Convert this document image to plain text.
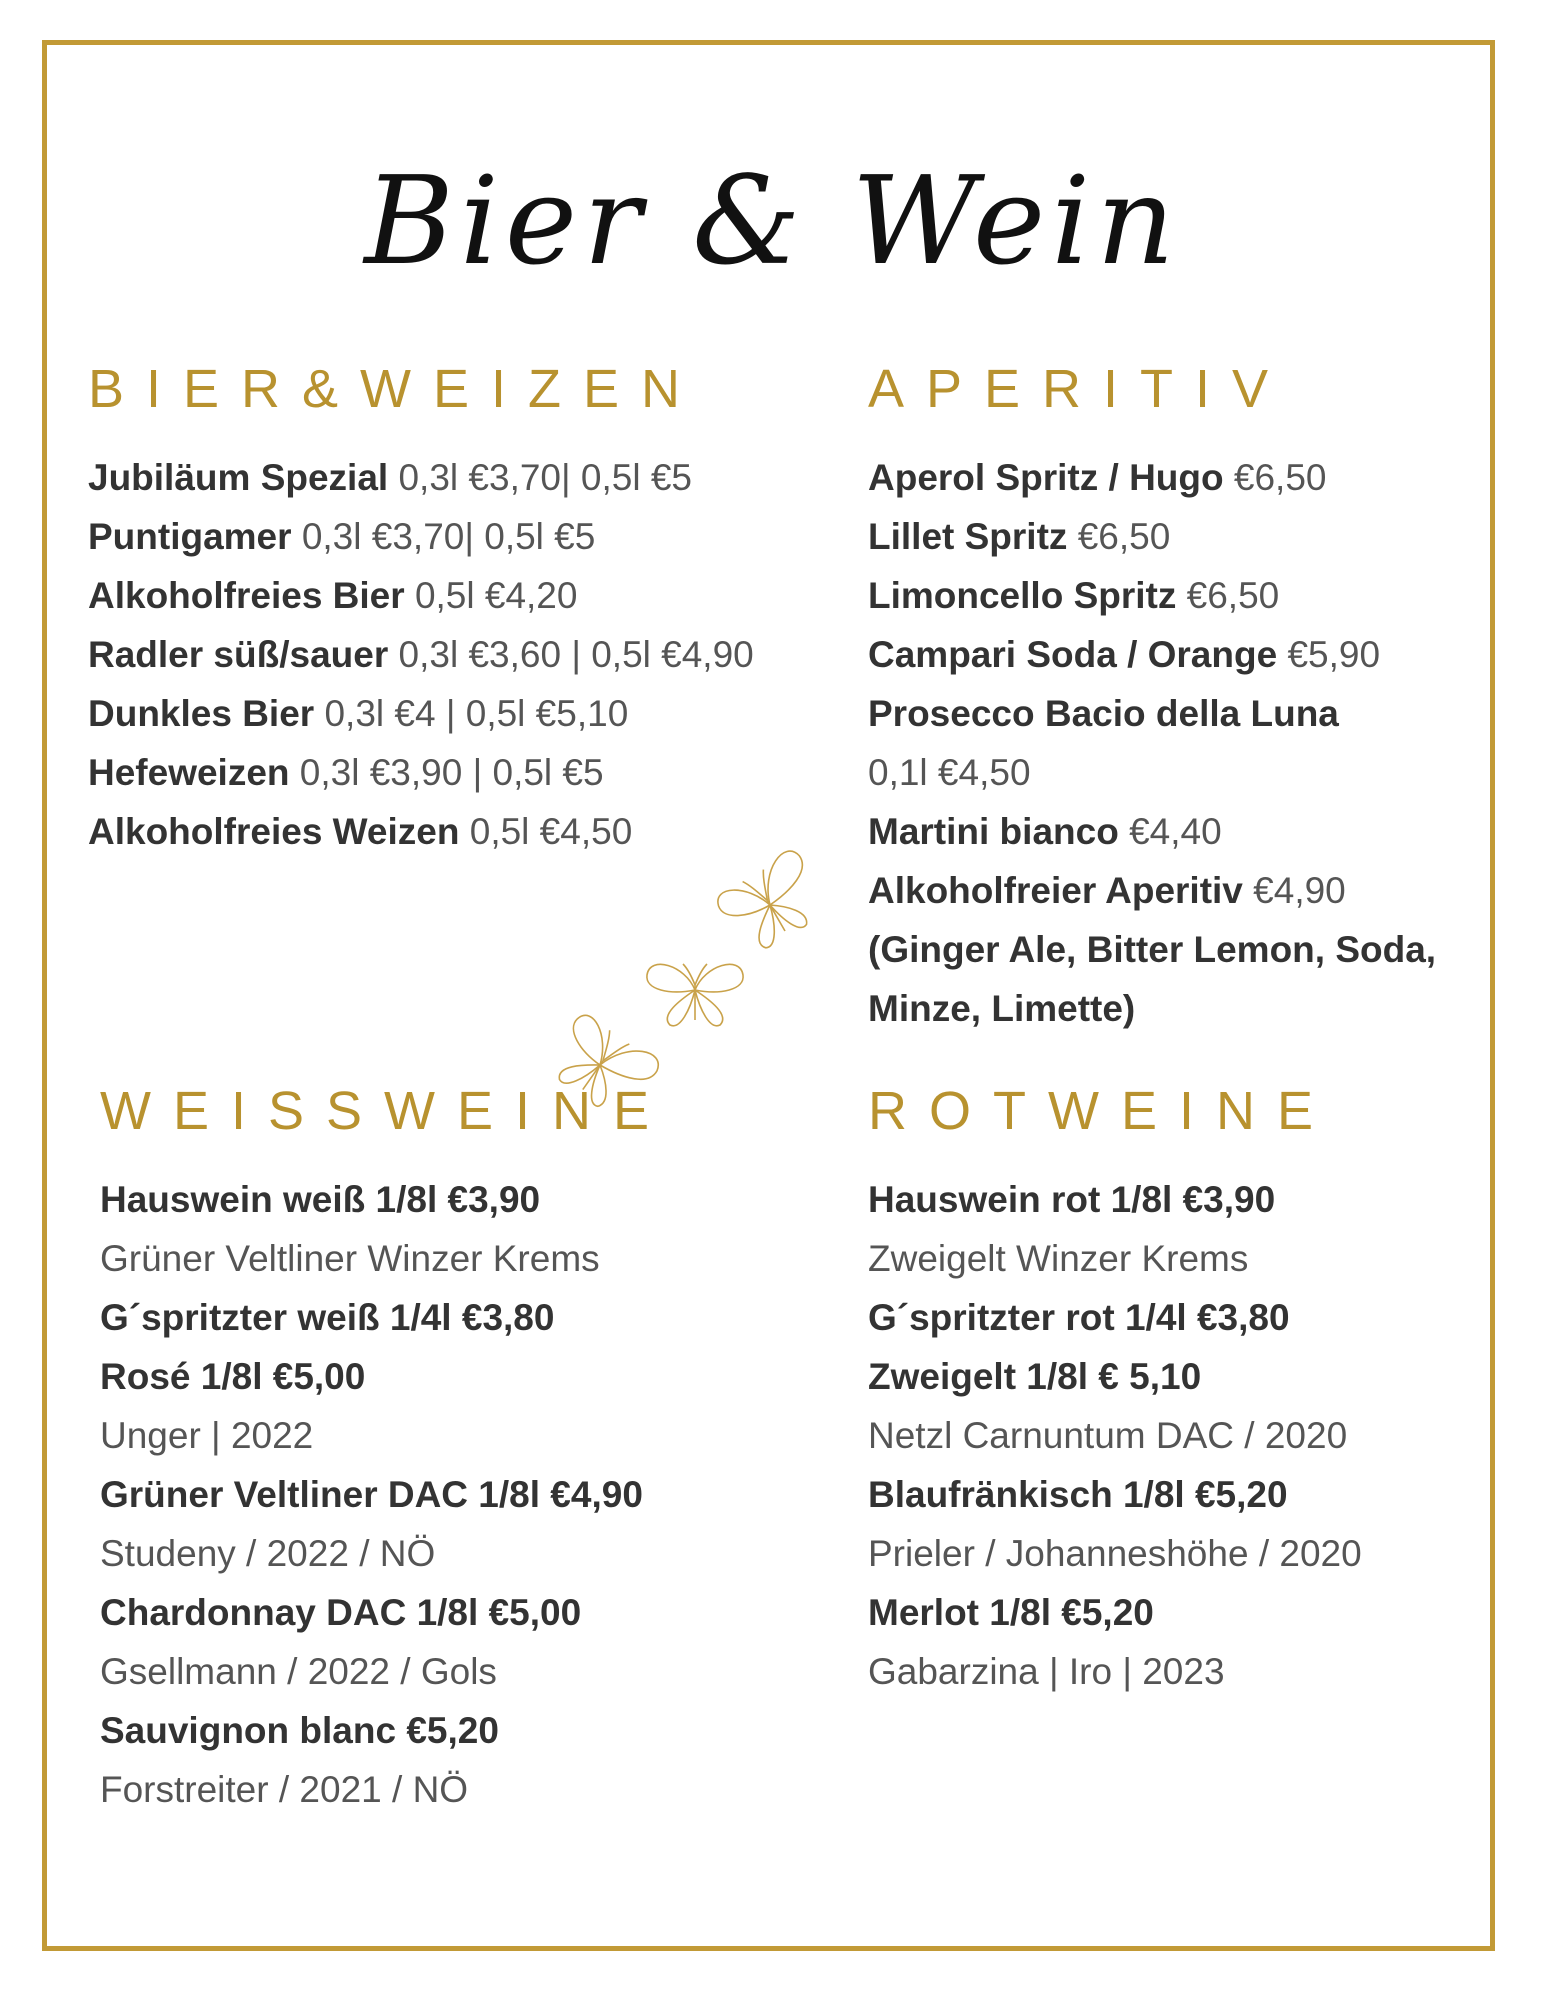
Bier & Wein
BIER&WEIZEN
Jubiläum Spezial 0,3l €3,70| 0,5l €5
Puntigamer 0,3l €3,70| 0,5l €5
Alkoholfreies Bier 0,5l €4,20
Radler süß/sauer 0,3l €3,60 | 0,5l €4,90
Dunkles Bier 0,3l €4 | 0,5l €5,10
Hefeweizen 0,3l €3,90 | 0,5l €5
Alkoholfreies Weizen 0,5l €4,50
APERITIV
Aperol Spritz / Hugo €6,50
Lillet Spritz €6,50
Limoncello Spritz €6,50
Campari Soda / Orange €5,90
Prosecco Bacio della Luna
0,1l €4,50
Martini bianco €4,40
Alkoholfreier Aperitiv €4,90
(Ginger Ale, Bitter Lemon, Soda,
Minze, Limette)
WEISSWEINE
Hauswein weiß 1/8l €3,90
Grüner Veltliner Winzer Krems
G´spritzter weiß 1/4l €3,80
Rosé 1/8l €5,00
Unger | 2022
Grüner Veltliner DAC 1/8l €4,90
Studeny / 2022 / NÖ
Chardonnay DAC 1/8l €5,00
Gsellmann / 2022 / Gols
Sauvignon blanc €5,20
Forstreiter / 2021 / NÖ
ROTWEINE
Hauswein rot 1/8l €3,90
Zweigelt Winzer Krems
G´spritzter rot 1/4l €3,80
Zweigelt 1/8l € 5,10
Netzl Carnuntum DAC / 2020
Blaufränkisch 1/8l €5,20
Prieler / Johanneshöhe / 2020
Merlot 1/8l €5,20
Gabarzina | Iro | 2023
